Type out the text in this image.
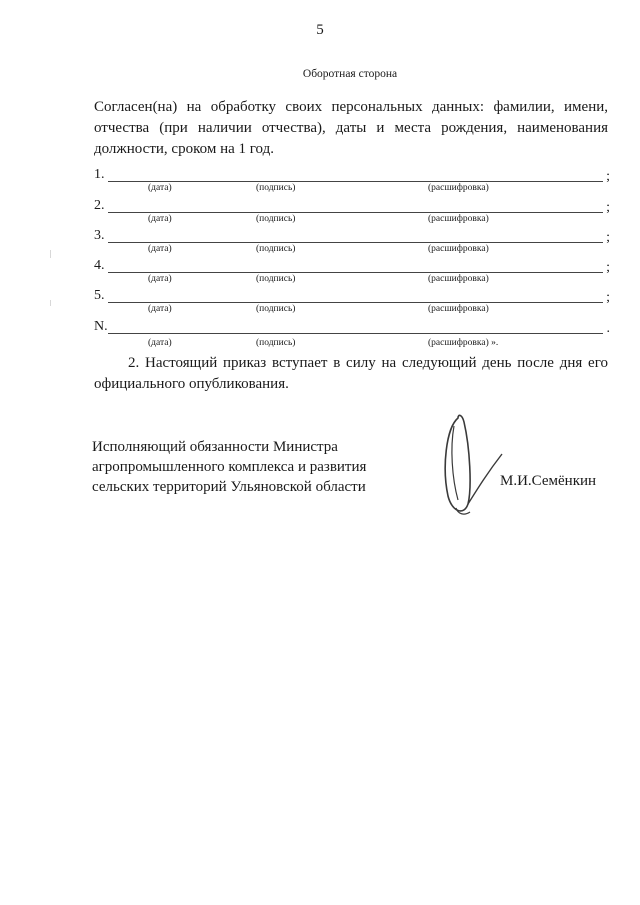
5
Оборотная сторона
Согласен(на) на обработку своих персональных данных: фамилии, имени, отчества (при наличии отчества), даты и места рождения, наименования должности, сроком на 1 год.
1.	;
(дата)	(подпись)	(расшифровка)
2.	;
(дата)	(подпись)	(расшифровка)
3.	;
(дата)	(подпись)	(расшифровка)
4.	;
(дата)	(подпись)	(расшифровка)
5.	;
(дата)	(подпись)	(расшифровка)
N.	.
(дата)	(подпись)	(расшифровка) ».
2. Настоящий приказ вступает в силу на следующий день после дня его официального опубликования.
Исполняющий обязанности Министра
агропромышленного комплекса и развития
сельских территорий Ульяновской области	М.И.Семёнкин
